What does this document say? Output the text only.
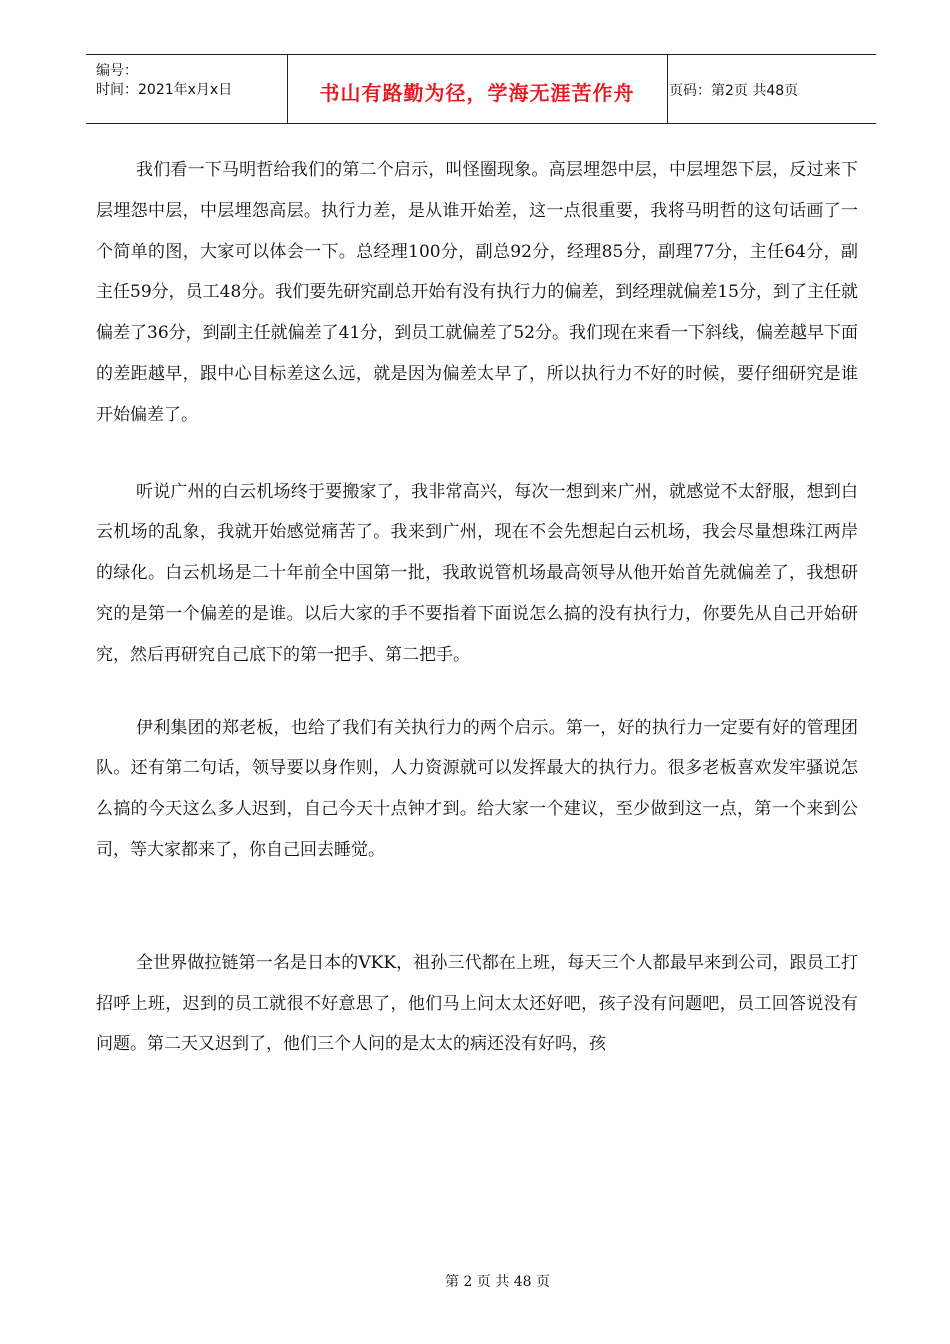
编号：
时间：2021年x月x日	书山有路勤为径，学海无涯苦作舟	页码：第2页 共48页

我们看一下马明哲给我们的第二个启示，叫怪圈现象。高层埋怨中层，中层埋怨下层，反过来下层埋怨中层，中层埋怨高层。执行力差，是从谁开始差，这一点很重要，我将马明哲的这句话画了一个简单的图，大家可以体会一下。总经理100分，副总92分，经理85分，副理77分，主任64分，副主任59分，员工48分。我们要先研究副总开始有没有执行力的偏差，到经理就偏差15分，到了主任就偏差了36分，到副主任就偏差了41分，到员工就偏差了52分。我们现在来看一下斜线，偏差越早下面的差距越早，跟中心目标差这么远，就是因为偏差太早了，所以执行力不好的时候，要仔细研究是谁开始偏差了。

听说广州的白云机场终于要搬家了，我非常高兴，每次一想到来广州，就感觉不太舒服，想到白云机场的乱象，我就开始感觉痛苦了。我来到广州，现在不会先想起白云机场，我会尽量想珠江两岸的绿化。白云机场是二十年前全中国第一批，我敢说管机场最高领导从他开始首先就偏差了，我想研究的是第一个偏差的是谁。以后大家的手不要指着下面说怎么搞的没有执行力，你要先从自己开始研究，然后再研究自己底下的第一把手、第二把手。

伊利集团的郑老板，也给了我们有关执行力的两个启示。第一，好的执行力一定要有好的管理团队。还有第二句话，领导要以身作则，人力资源就可以发挥最大的执行力。很多老板喜欢发牢骚说怎么搞的今天这么多人迟到，自己今天十点钟才到。给大家一个建议，至少做到这一点，第一个来到公司，等大家都来了，你自己回去睡觉。

全世界做拉链第一名是日本的VKK，祖孙三代都在上班，每天三个人都最早来到公司，跟员工打招呼上班，迟到的员工就很不好意思了，他们马上问太太还好吧，孩子没有问题吧，员工回答说没有问题。第二天又迟到了，他们三个人问的是太太的病还没有好吗，孩

第 2 页 共 48 页
